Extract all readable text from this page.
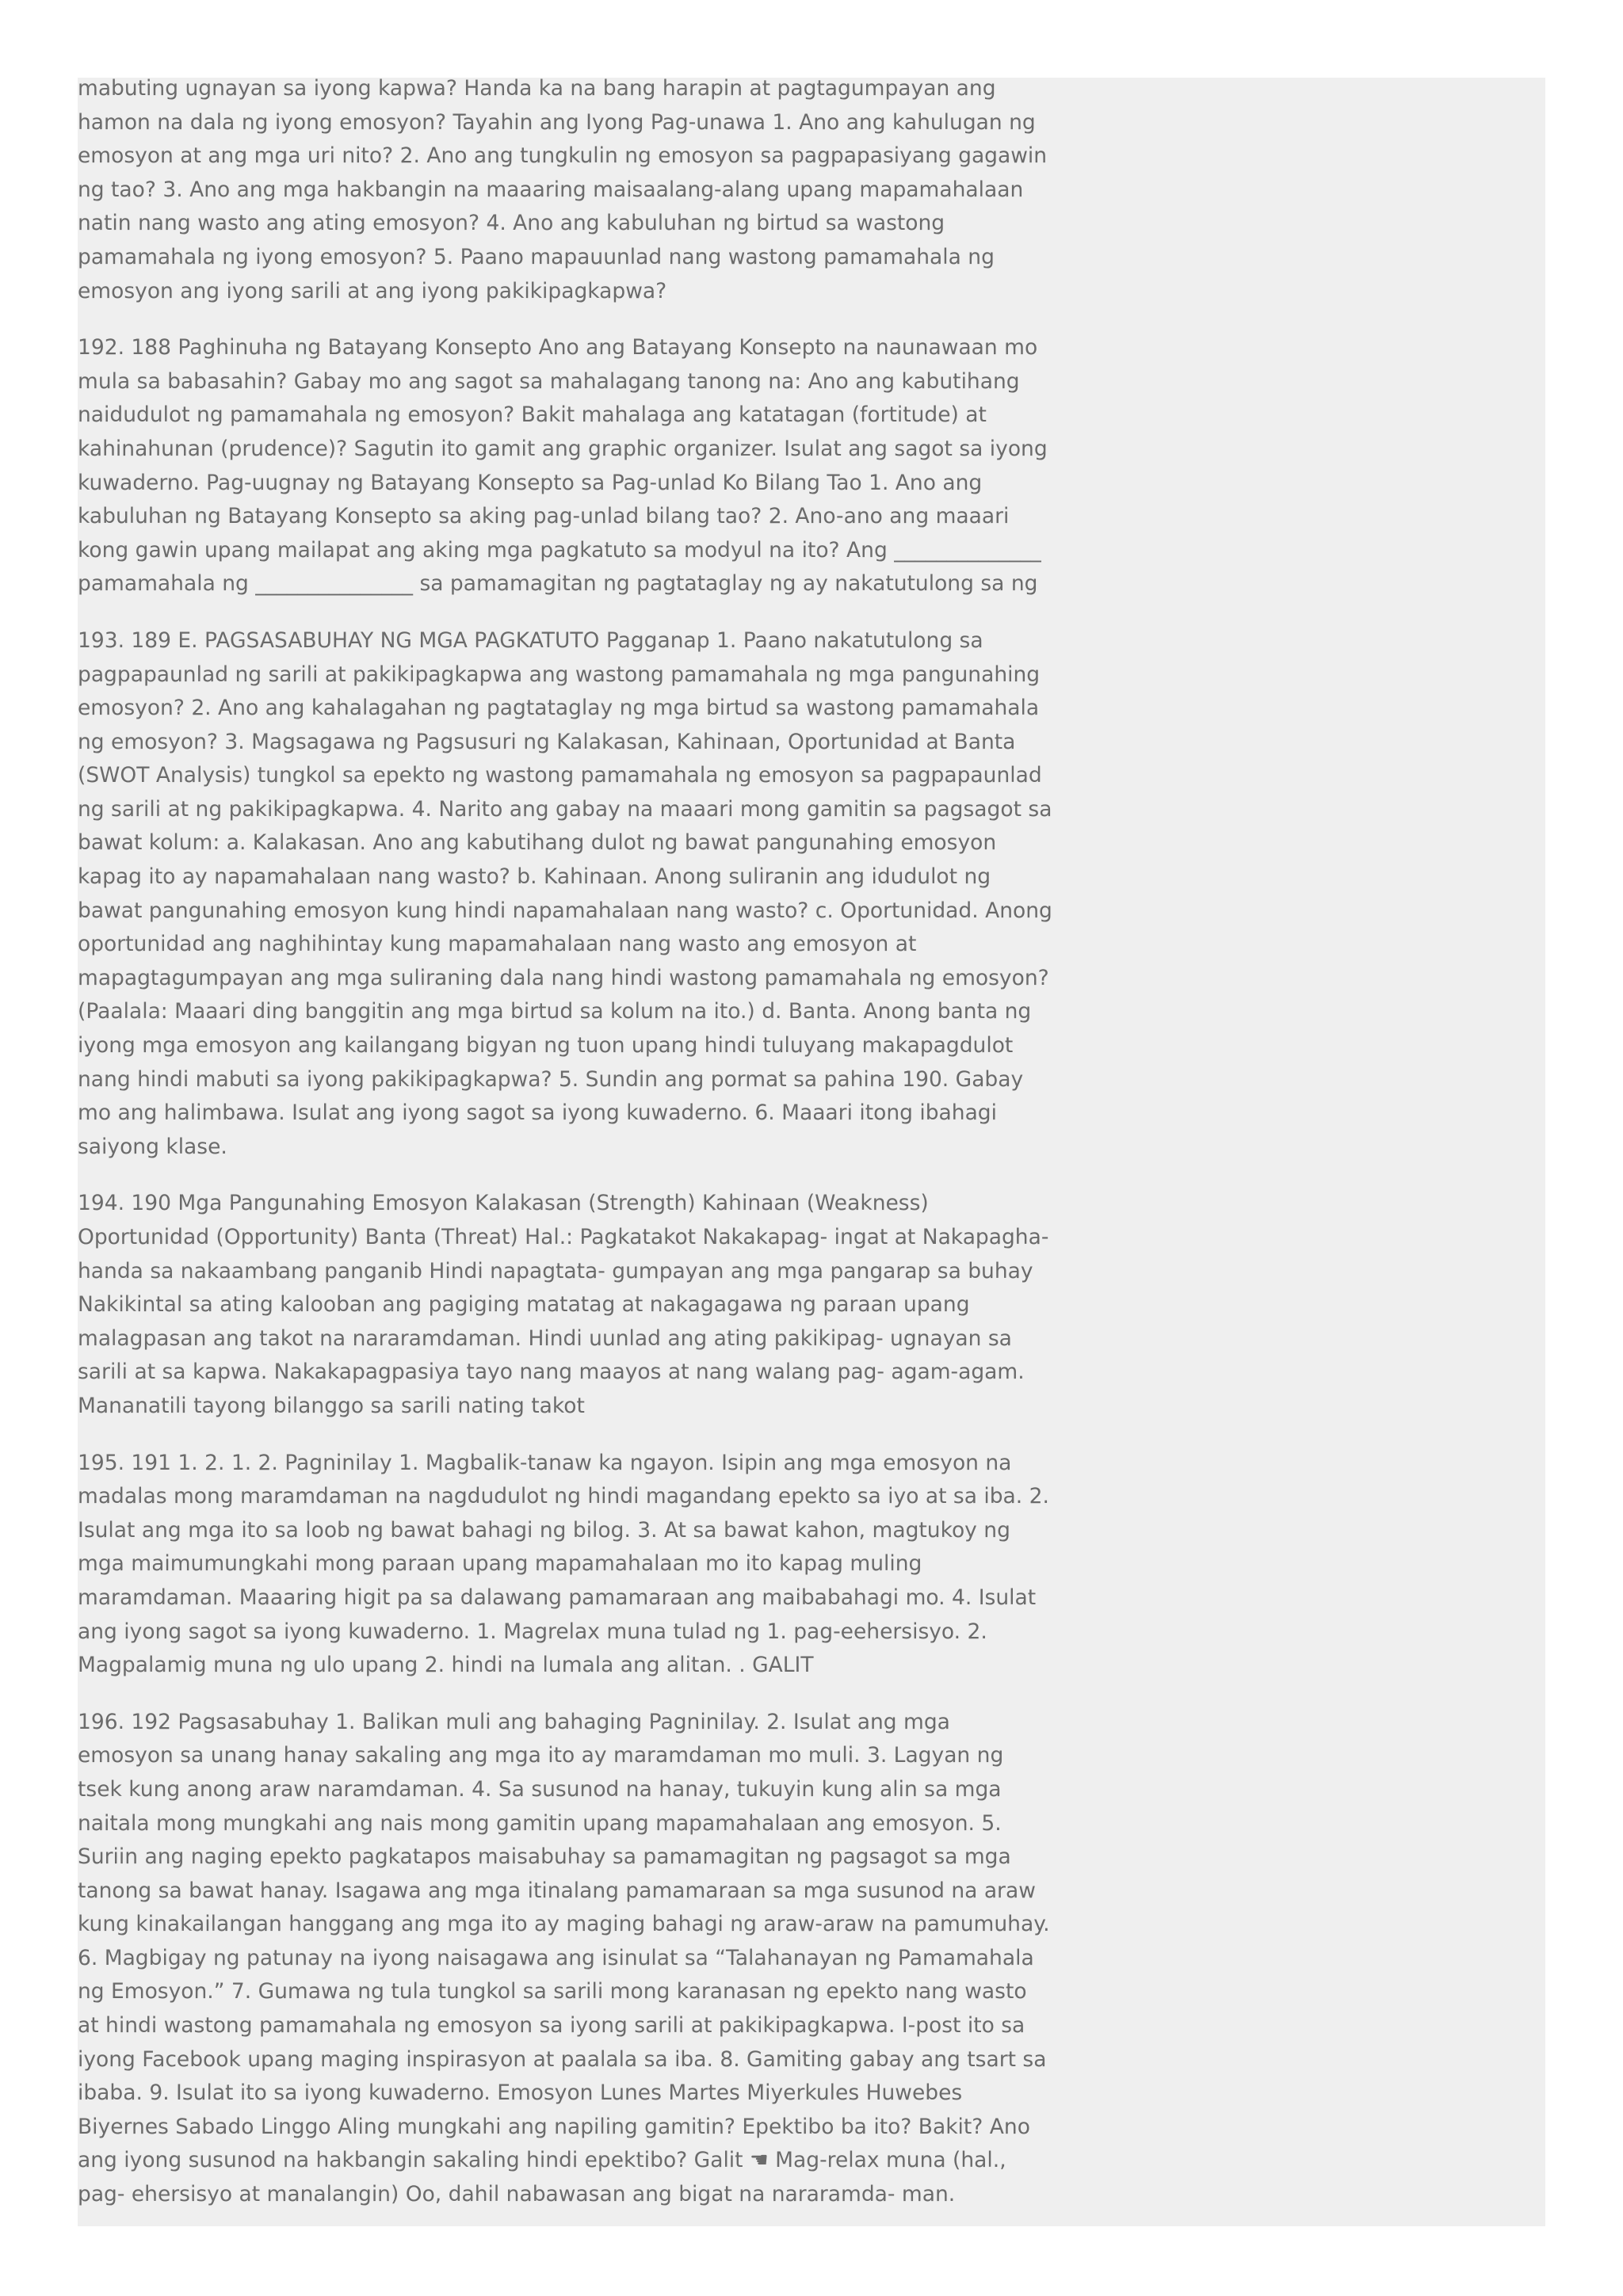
mabuting ugnayan sa iyong kapwa? Handa ka na bang harapin at pagtagumpayan ang hamon na dala ng iyong emosyon? Tayahin ang Iyong Pag-unawa 1. Ano ang kahulugan ng emosyon at ang mga uri nito? 2. Ano ang tungkulin ng emosyon sa pagpapasiyang gagawin ng tao? 3. Ano ang mga hakbangin na maaaring maisaalang-alang upang mapamahalaan natin nang wasto ang ating emosyon? 4. Ano ang kabuluhan ng birtud sa wastong pamamahala ng iyong emosyon? 5. Paano mapauunlad nang wastong pamamahala ng emosyon ang iyong sarili at ang iyong pakikipagkapwa?

192. 188 Paghinuha ng Batayang Konsepto Ano ang Batayang Konsepto na naunawaan mo mula sa babasahin? Gabay mo ang sagot sa mahalagang tanong na: Ano ang kabutihang naidudulot ng pamamahala ng emosyon? Bakit mahalaga ang katatagan (fortitude) at kahinahunan (prudence)? Sagutin ito gamit ang graphic organizer. Isulat ang sagot sa iyong kuwaderno. Pag-uugnay ng Batayang Konsepto sa Pag-unlad Ko Bilang Tao 1. Ano ang kabuluhan ng Batayang Konsepto sa aking pag-unlad bilang tao? 2. Ano-ano ang maaari kong gawin upang mailapat ang aking mga pagkatuto sa modyul na ito? Ang ______________ pamamahala ng _______________ sa pamamagitan ng pagtataglay ng ay nakatutulong sa ng

193. 189 E. PAGSASABUHAY NG MGA PAGKATUTO Pagganap 1. Paano nakatutulong sa pagpapaunlad ng sarili at pakikipagkapwa ang wastong pamamahala ng mga pangunahing emosyon? 2. Ano ang kahalagahan ng pagtataglay ng mga birtud sa wastong pamamahala ng emosyon? 3. Magsagawa ng Pagsusuri ng Kalakasan, Kahinaan, Oportunidad at Banta (SWOT Analysis) tungkol sa epekto ng wastong pamamahala ng emosyon sa pagpapaunlad ng sarili at ng pakikipagkapwa. 4. Narito ang gabay na maaari mong gamitin sa pagsagot sa bawat kolum: a. Kalakasan. Ano ang kabutihang dulot ng bawat pangunahing emosyon kapag ito ay napamahalaan nang wasto? b. Kahinaan. Anong suliranin ang idudulot ng bawat pangunahing emosyon kung hindi napamahalaan nang wasto? c. Oportunidad. Anong oportunidad ang naghihintay kung mapamahalaan nang wasto ang emosyon at mapagtagumpayan ang mga suliraning dala nang hindi wastong pamamahala ng emosyon? (Paalala: Maaari ding banggitin ang mga birtud sa kolum na ito.) d. Banta. Anong banta ng iyong mga emosyon ang kailangang bigyan ng tuon upang hindi tuluyang makapagdulot nang hindi mabuti sa iyong pakikipagkapwa? 5. Sundin ang pormat sa pahina 190. Gabay mo ang halimbawa. Isulat ang iyong sagot sa iyong kuwaderno. 6. Maaari itong ibahagi saiyong klase.

194. 190 Mga Pangunahing Emosyon Kalakasan (Strength) Kahinaan (Weakness) Oportunidad (Opportunity) Banta (Threat) Hal.: Pagkatakot Nakakapag- ingat at Nakapagha- handa sa nakaambang panganib Hindi napagtata- gumpayan ang mga pangarap sa buhay Nakikintal sa ating kalooban ang pagiging matatag at nakagagawa ng paraan upang malagpasan ang takot na nararamdaman. Hindi uunlad ang ating pakikipag- ugnayan sa sarili at sa kapwa. Nakakapagpasiya tayo nang maayos at nang walang pag- agam-agam. Mananatili tayong bilanggo sa sarili nating takot

195. 191 1. 2. 1. 2. Pagninilay 1. Magbalik-tanaw ka ngayon. Isipin ang mga emosyon na madalas mong maramdaman na nagdudulot ng hindi magandang epekto sa iyo at sa iba. 2. Isulat ang mga ito sa loob ng bawat bahagi ng bilog. 3. At sa bawat kahon, magtukoy ng mga maimumungkahi mong paraan upang mapamahalaan mo ito kapag muling maramdaman. Maaaring higit pa sa dalawang pamamaraan ang maibabahagi mo. 4. Isulat ang iyong sagot sa iyong kuwaderno. 1. Magrelax muna tulad ng 1. pag-eehersisyo. 2. Magpalamig muna ng ulo upang 2. hindi na lumala ang alitan. . GALIT

196. 192 Pagsasabuhay 1. Balikan muli ang bahaging Pagninilay. 2. Isulat ang mga emosyon sa unang hanay sakaling ang mga ito ay maramdaman mo muli. 3. Lagyan ng tsek kung anong araw naramdaman. 4. Sa susunod na hanay, tukuyin kung alin sa mga naitala mong mungkahi ang nais mong gamitin upang mapamahalaan ang emosyon. 5. Suriin ang naging epekto pagkatapos maisabuhay sa pamamagitan ng pagsagot sa mga tanong sa bawat hanay. Isagawa ang mga itinalang pamamaraan sa mga susunod na araw kung kinakailangan hanggang ang mga ito ay maging bahagi ng araw-araw na pamumuhay. 6. Magbigay ng patunay na iyong naisagawa ang isinulat sa “Talahanayan ng Pamamahala ng Emosyon.” 7. Gumawa ng tula tungkol sa sarili mong karanasan ng epekto nang wasto at hindi wastong pamamahala ng emosyon sa iyong sarili at pakikipagkapwa. I-post ito sa iyong Facebook upang maging inspirasyon at paalala sa iba. 8. Gamiting gabay ang tsart sa ibaba. 9. Isulat ito sa iyong kuwaderno. Emosyon Lunes Martes Miyerkules Huwebes Biyernes Sabado Linggo Aling mungkahi ang napiling gamitin? Epektibo ba ito? Bakit? Ano ang iyong susunod na hakbangin sakaling hindi epektibo? Galit ☚ Mag-relax muna (hal., pag- ehersisyo at manalangin) Oo, dahil nabawasan ang bigat na nararamda- man.
